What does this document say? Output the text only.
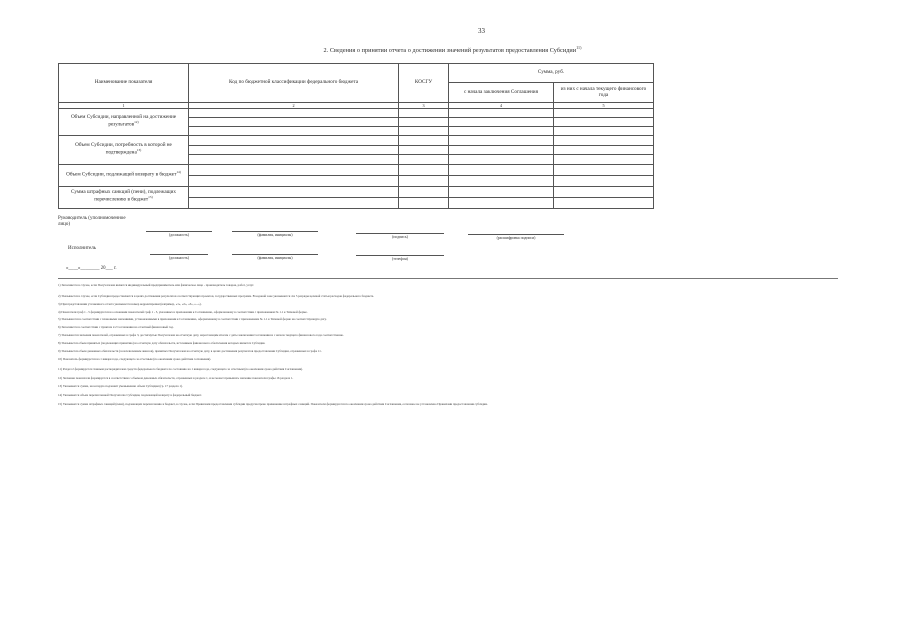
33
2. Сведения о принятии отчета о достижении значений результатов предоставления Субсидии$^{11)}$
Наименование показателя	Код по бюджетной классификации федерального бюджета	КОСГУ	Сумма, руб.	
			с начала заключения Соглашения	из них с начала текущего финансового года
1	2	3	4	5
Объем Субсидии, направленной на достижение результатов$^{12)}$				

Объем Субсидии, потребность в которой не подтверждена$^{13)}$				

Объем Субсидии, подлежащей возврату в бюджет$^{14)}$				

Сумма штрафных санкций (пени), подлежащих перечислению в бюджет$^{15)}$				

Руководитель (уполномоченное лицо)
(должность)	(фамилия, инициалы)	(подпись)	(расшифровка подписи)
Исполнитель
(должность)	(фамилия, инициалы)	(телефон)
«____»________ 20___ г.
1) Заполняется в случае, если Получателем является индивидуальный предприниматель или физическое лицо - производитель товаров, работ, услуг.
2) Указывается в случае, если Субсидия предоставляется в целях достижения результатов соответствующих проектов, государственных программ. В кодовой зоне указываются 4 и 5 разряды целевой статьи расходов федерального бюджета.
3) При представлении уточненного отчета указывается номер корректировки (например, «1», «2», «3», «...»).
4) Показатели граф 1 - 5 формируются на основании показателей граф 1 - 5, указанных в приложении к Соглашению, оформленному в соответствии с приложением № 1.1 к Типовой форме.
5) Указываются в соответствии с плановыми значениями, установленными в приложении к Соглашению, оформленному в соответствии с приложением № 1.1 к Типовой форме на соответствующую дату.
6) Заполняется в соответствии с пунктом 2.2 Соглашения на отчетный финансовый год.
7) Указываются значения показателей, отраженных в графе 3, достигнутые Получателем на отчетную дату, нарастающим итогом с даты заключения Соглашения и с начала текущего финансового года соответственно.
8) Указывается объем принятых (подлежащих принятию) на отчетную дату обязательств, источником финансового обеспечения которых является Субсидия.
9) Указывается объем денежных обязательств (за исключением авансов), принятых Получателем на отчетную дату, в целях достижения результатов предоставления Субсидии, отраженных в графе 11.
10) Показатель формируется на 1 января года, следующего за отчетным (по окончании срока действия соглашения).
11) Раздел 2 формируется главным распорядителем средств федерального бюджета по состоянию на 1 января года, следующего за отчетным (по окончании срока действия Соглашения).
12) Значение показателя формируется в соответствии с объемом денежных обязательств, отраженных в разделе 1, и не может превышать значение показателя графы 16 раздела 1.
13) Указывается сумма, на которую подлежит уменьшению объем Субсидии (гр. 17 раздела 1).
14) Указывается объем перечисленной Получателю Субсидии, подлежащей возврату в федеральный бюджет.
15) Указывается сумма штрафных санкций (пени), подлежащих перечислению в бюджет, в случае, если Правилами предоставления субсидии предусмотрено применение штрафных санкций. Показатели формируются по окончании срока действия Соглашения, если иное не установлено Правилами предоставления субсидии.
